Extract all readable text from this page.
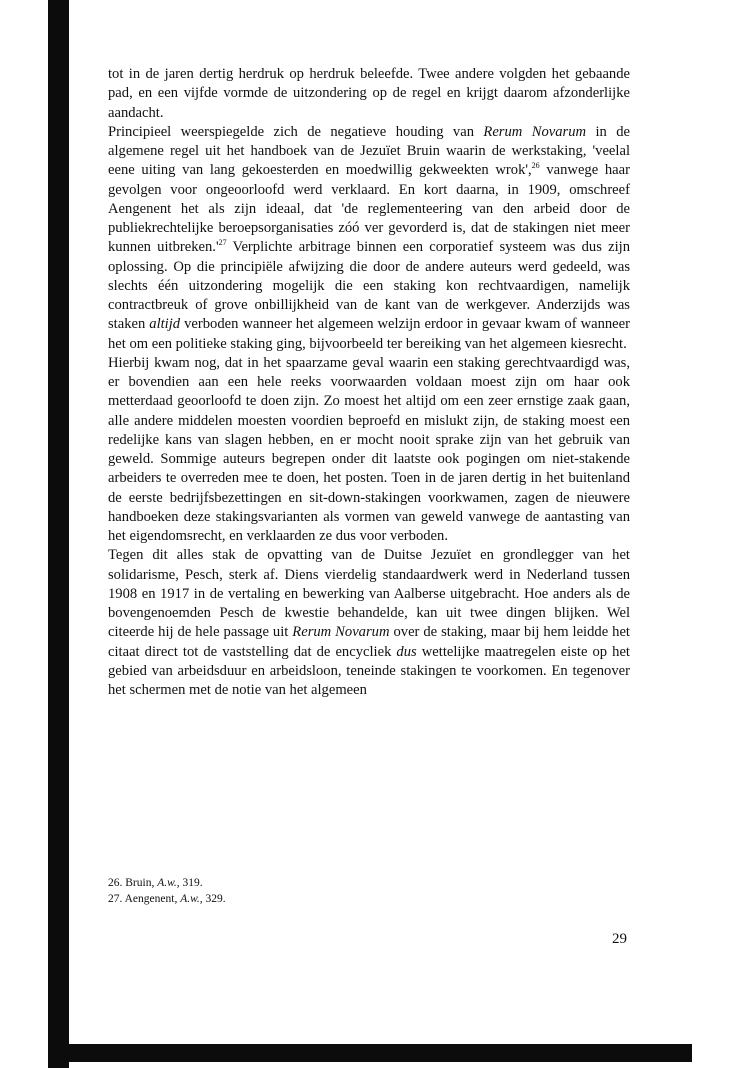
tot in de jaren dertig herdruk op herdruk beleefde. Twee andere volgden het gebaande pad, en een vijfde vormde de uitzondering op de regel en krijgt daarom afzonderlijke aandacht.

Principieel weerspiegelde zich de negatieve houding van Rerum Novarum in de algemene regel uit het handboek van de Jezuïet Bruin waarin de werkstaking, 'veelal eene uiting van lang gekoesterden en moedwillig gekweekten wrok',$^{26}$ vanwege haar gevolgen voor ongeoorloofd werd verklaard. En kort daarna, in 1909, omschreef Aengenent het als zijn ideaal, dat 'de reglementeering van den arbeid door de publiekrechtelijke beroepsorganisaties zóó ver gevorderd is, dat de stakingen niet meer kunnen $uitbreken.'^{27}$ Verplichte arbitrage binnen een corporatief systeem was dus zijn oplossing. Op die principiële afwijzing die door de andere auteurs werd gedeeld, was slechts één uitzondering mogelijk die een staking kon rechtvaardigen, namelijk contractbreuk of grove onbillijkheid van de kant van de werkgever. Anderzijds was staken altijd verboden wanneer het algemeen welzijn erdoor in gevaar kwam of wanneer het om een politieke staking ging, bijvoorbeeld ter bereiking van het algemeen kiesrecht.

Hierbij kwam nog, dat in het spaarzame geval waarin een staking gerechtvaardigd was, er bovendien aan een hele reeks voorwaarden voldaan moest zijn om haar ook metterdaad geoorloofd te doen zijn. Zo moest het altijd om een zeer ernstige zaak gaan, alle andere middelen moesten voordien beproefd en mislukt zijn, de staking moest een redelijke kans van slagen hebben, en er mocht nooit sprake zijn van het gebruik van geweld. Sommige auteurs begrepen onder dit laatste ook pogingen om niet-stakende arbeiders te overreden mee te doen, het posten. Toen in de jaren dertig in het buitenland de eerste bedrijfsbezettingen en sit-down-stakingen voorkwamen, zagen de nieuwere handboeken deze stakingsvarianten als vormen van geweld vanwege de aantasting van het eigendomsrecht, en verklaarden ze dus voor verboden.

Tegen dit alles stak de opvatting van de Duitse Jezuïet en grondlegger van het solidarisme, Pesch, sterk af. Diens vierdelig standaardwerk werd in Nederland tussen 1908 en 1917 in de vertaling en bewerking van Aalberse uitgebracht. Hoe anders als de bovengenoemden Pesch de kwestie behandelde, kan uit twee dingen blijken. Wel citeerde hij de hele passage uit Rerum Novarum over de staking, maar bij hem leidde het citaat direct tot de vaststelling dat de encycliek dus wettelijke maatregelen eiste op het gebied van arbeidsduur en arbeidsloon, teneinde stakingen te voorkomen. En tegenover het schermen met de notie van het algemeen

26. Bruin, A.w., 319.

27. Aengenent, A.w., 329.

29
